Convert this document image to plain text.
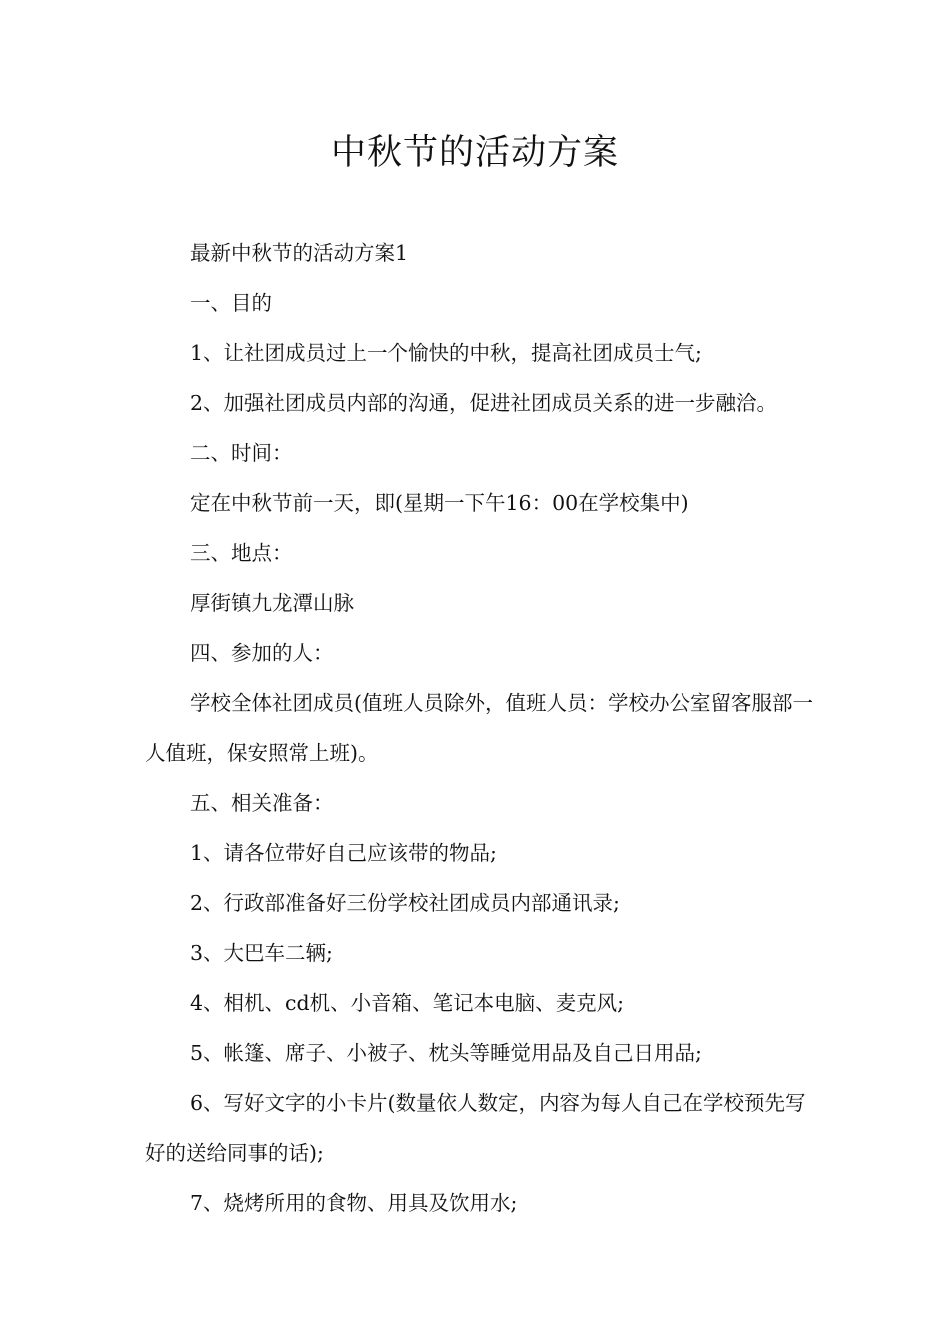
中秋节的活动方案

最新中秋节的活动方案1

一、目的

1、让社团成员过上一个愉快的中秋，提高社团成员士气;

2、加强社团成员内部的沟通，促进社团成员关系的进一步融洽。

二、时间：

定在中秋节前一天，即(星期一下午16：00在学校集中)

三、地点：

厚街镇九龙潭山脉

四、参加的人：

学校全体社团成员(值班人员除外，值班人员：学校办公室留客服部一人值班，保安照常上班)。

五、相关准备：

1、请各位带好自己应该带的物品;

2、行政部准备好三份学校社团成员内部通讯录;

3、大巴车二辆;

4、相机、cd机、小音箱、笔记本电脑、麦克风;

5、帐篷、席子、小被子、枕头等睡觉用品及自己日用品;

6、写好文字的小卡片(数量依人数定，内容为每人自己在学校预先写好的送给同事的话);

7、烧烤所用的食物、用具及饮用水;
